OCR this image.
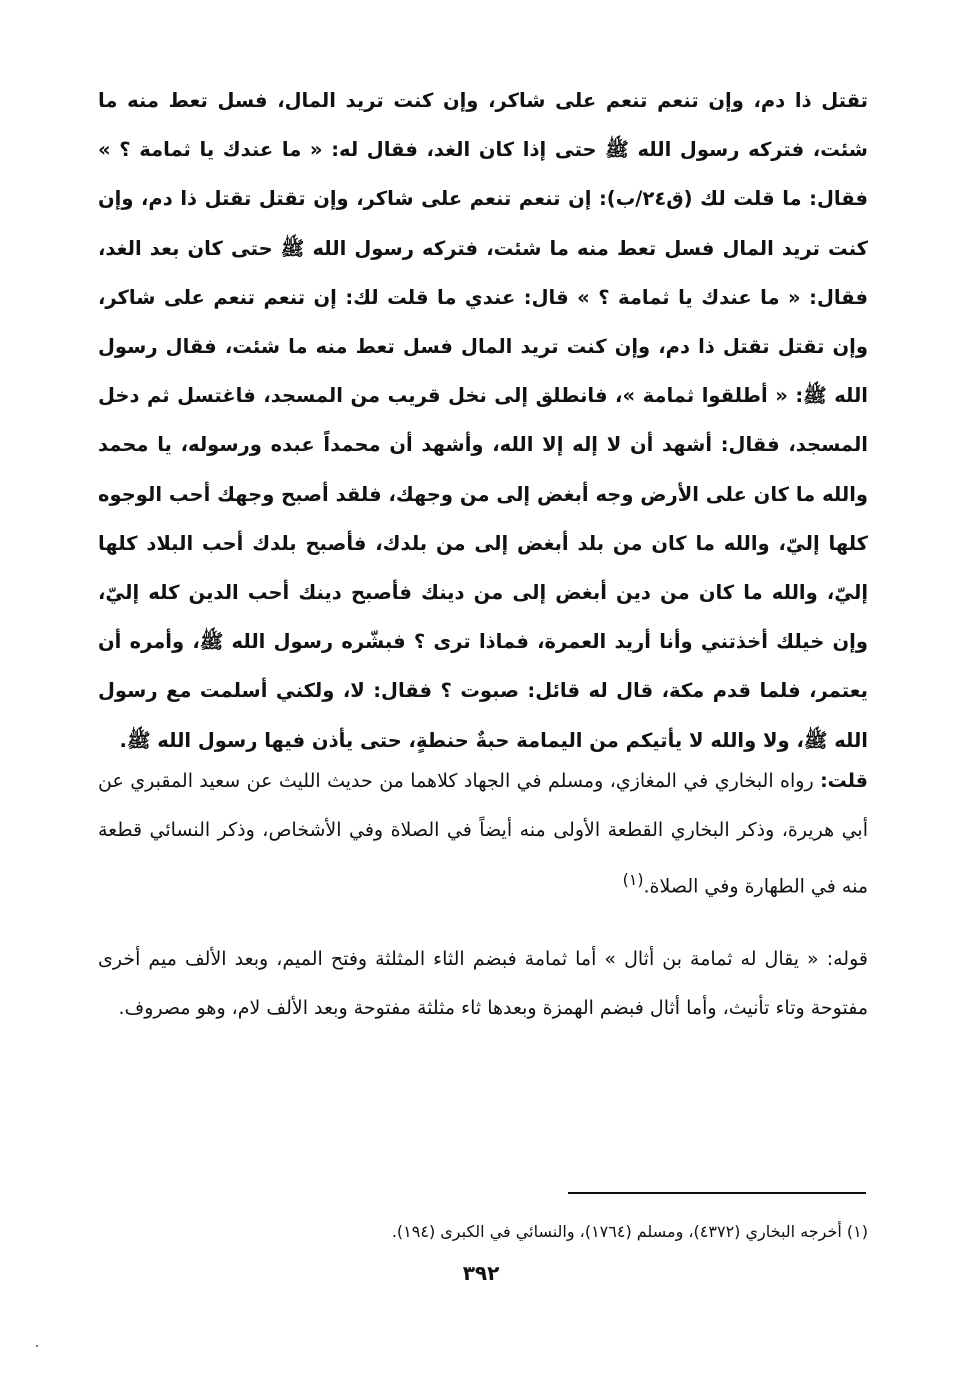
تقتل ذا دم، وإن تنعم تنعم على شاكر، وإن كنت تريد المال، فسل تعط منه ما شئت، فتركه رسول الله ﷺ حتى إذا كان الغد، فقال له: « ما عندك يا ثمامة ؟ » فقال: ما قلت لك (ق٢٤/ب): إن تنعم تنعم على شاكر، وإن تقتل تقتل ذا دم، وإن كنت تريد المال فسل تعط منه ما شئت، فتركه رسول الله ﷺ حتى كان بعد الغد، فقال: « ما عندك يا ثمامة ؟ » قال: عندي ما قلت لك: إن تنعم تنعم على شاكر، وإن تقتل تقتل ذا دم، وإن كنت تريد المال فسل تعط منه ما شئت، فقال رسول الله ﷺ: « أطلقوا ثمامة »، فانطلق إلى نخل قريب من المسجد، فاغتسل ثم دخل المسجد، فقال: أشهد أن لا إله إلا الله، وأشهد أن محمداً عبده ورسوله، يا محمد والله ما كان على الأرض وجه أبغض إلى من وجهك، فلقد أصبح وجهك أحب الوجوه كلها إليّ، والله ما كان من بلد أبغض إلى من بلدك، فأصبح بلدك أحب البلاد كلها إليّ، والله ما كان من دين أبغض إلى من دينك فأصبح دينك أحب الدين كله إليّ، وإن خيلك أخذتني وأنا أريد العمرة، فماذا ترى ؟ فبشّره رسول الله ﷺ، وأمره أن يعتمر، فلما قدم مكة، قال له قائل: صبوت ؟ فقال: لا، ولكني أسلمت مع رسول الله ﷺ، ولا والله لا يأتيكم من اليمامة حبةٌ حنطةٍ، حتى يأذن فيها رسول الله ﷺ.
قلت: رواه البخاري في المغازي، ومسلم في الجهاد كلاهما من حديث الليث عن سعيد المقبري عن أبي هريرة، وذكر البخاري القطعة الأولى منه أيضاً في الصلاة وفي الأشخاص، وذكر النسائي قطعة منه في الطهارة وفي الصلاة.$^{(١)}$
قوله: « يقال له ثمامة بن أثال » أما ثمامة فبضم الثاء المثلثة وفتح الميم، وبعد الألف ميم أخرى مفتوحة وتاء تأنيث، وأما أثال فبضم الهمزة وبعدها ثاء مثلثة مفتوحة وبعد الألف لام، وهو مصروف.
(١) أخرجه البخاري (٤٣٧٢)، ومسلم (١٧٦٤)، والنسائي في الكبرى (١٩٤).
٣٩٢
